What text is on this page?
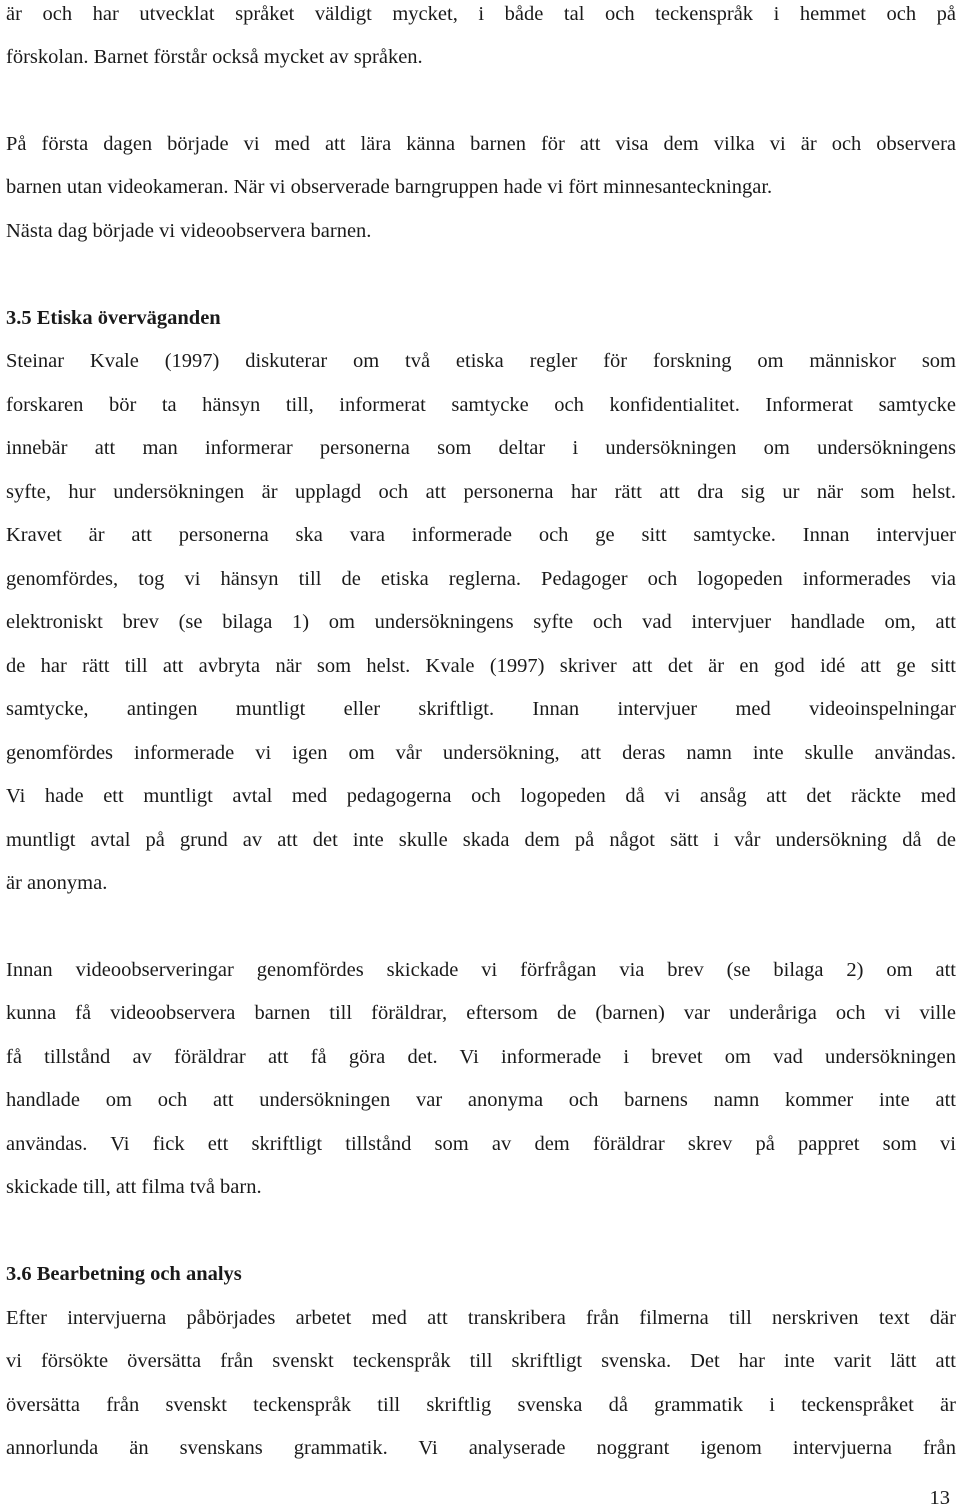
är och har utvecklat språket väldigt mycket, i både tal och teckenspråk i hemmet och på
förskolan. Barnet förstår också mycket av språken.
På första dagen började vi med att lära känna barnen för att visa dem vilka vi är och observera
barnen utan videokameran. När vi observerade barngruppen hade vi fört minnesanteckningar.
Nästa dag började vi videoobservera barnen.
3.5 Etiska överväganden
Steinar Kvale (1997) diskuterar om två etiska regler för forskning om människor som
forskaren bör ta hänsyn till, informerat samtycke och konfidentialitet. Informerat samtycke
innebär att man informerar personerna som deltar i undersökningen om undersökningens
syfte, hur undersökningen är upplagd och att personerna har rätt att dra sig ur när som helst.
Kravet är att personerna ska vara informerade och ge sitt samtycke. Innan intervjuer
genomfördes, tog vi hänsyn till de etiska reglerna. Pedagoger och logopeden informerades via
elektroniskt brev (se bilaga 1) om undersökningens syfte och vad intervjuer handlade om, att
de har rätt till att avbryta när som helst. Kvale (1997) skriver att det är en god idé att ge sitt
samtycke, antingen muntligt eller skriftligt. Innan intervjuer med videoinspelningar
genomfördes informerade vi igen om vår undersökning, att deras namn inte skulle användas.
Vi hade ett muntligt avtal med pedagogerna och logopeden då vi ansåg att det räckte med
muntligt avtal på grund av att det inte skulle skada dem på något sätt i vår undersökning då de
är anonyma.
Innan videoobserveringar genomfördes skickade vi förfrågan via brev (se bilaga 2) om att
kunna få videoobservera barnen till föräldrar, eftersom de (barnen) var underåriga och vi ville
få tillstånd av föräldrar att få göra det. Vi informerade i brevet om vad undersökningen
handlade om och att undersökningen var anonyma och barnens namn kommer inte att
användas. Vi fick ett skriftligt tillstånd som av dem föräldrar skrev på pappret som vi
skickade till, att filma två barn.
3.6 Bearbetning och analys
Efter intervjuerna påbörjades arbetet med att transkribera från filmerna till nerskriven text där
vi försökte översätta från svenskt teckenspråk till skriftligt svenska. Det har inte varit lätt att
översätta från svenskt teckenspråk till skriftlig svenska då grammatik i teckenspråket är
annorlunda än svenskans grammatik. Vi analyserade noggrant igenom intervjuerna från
13
